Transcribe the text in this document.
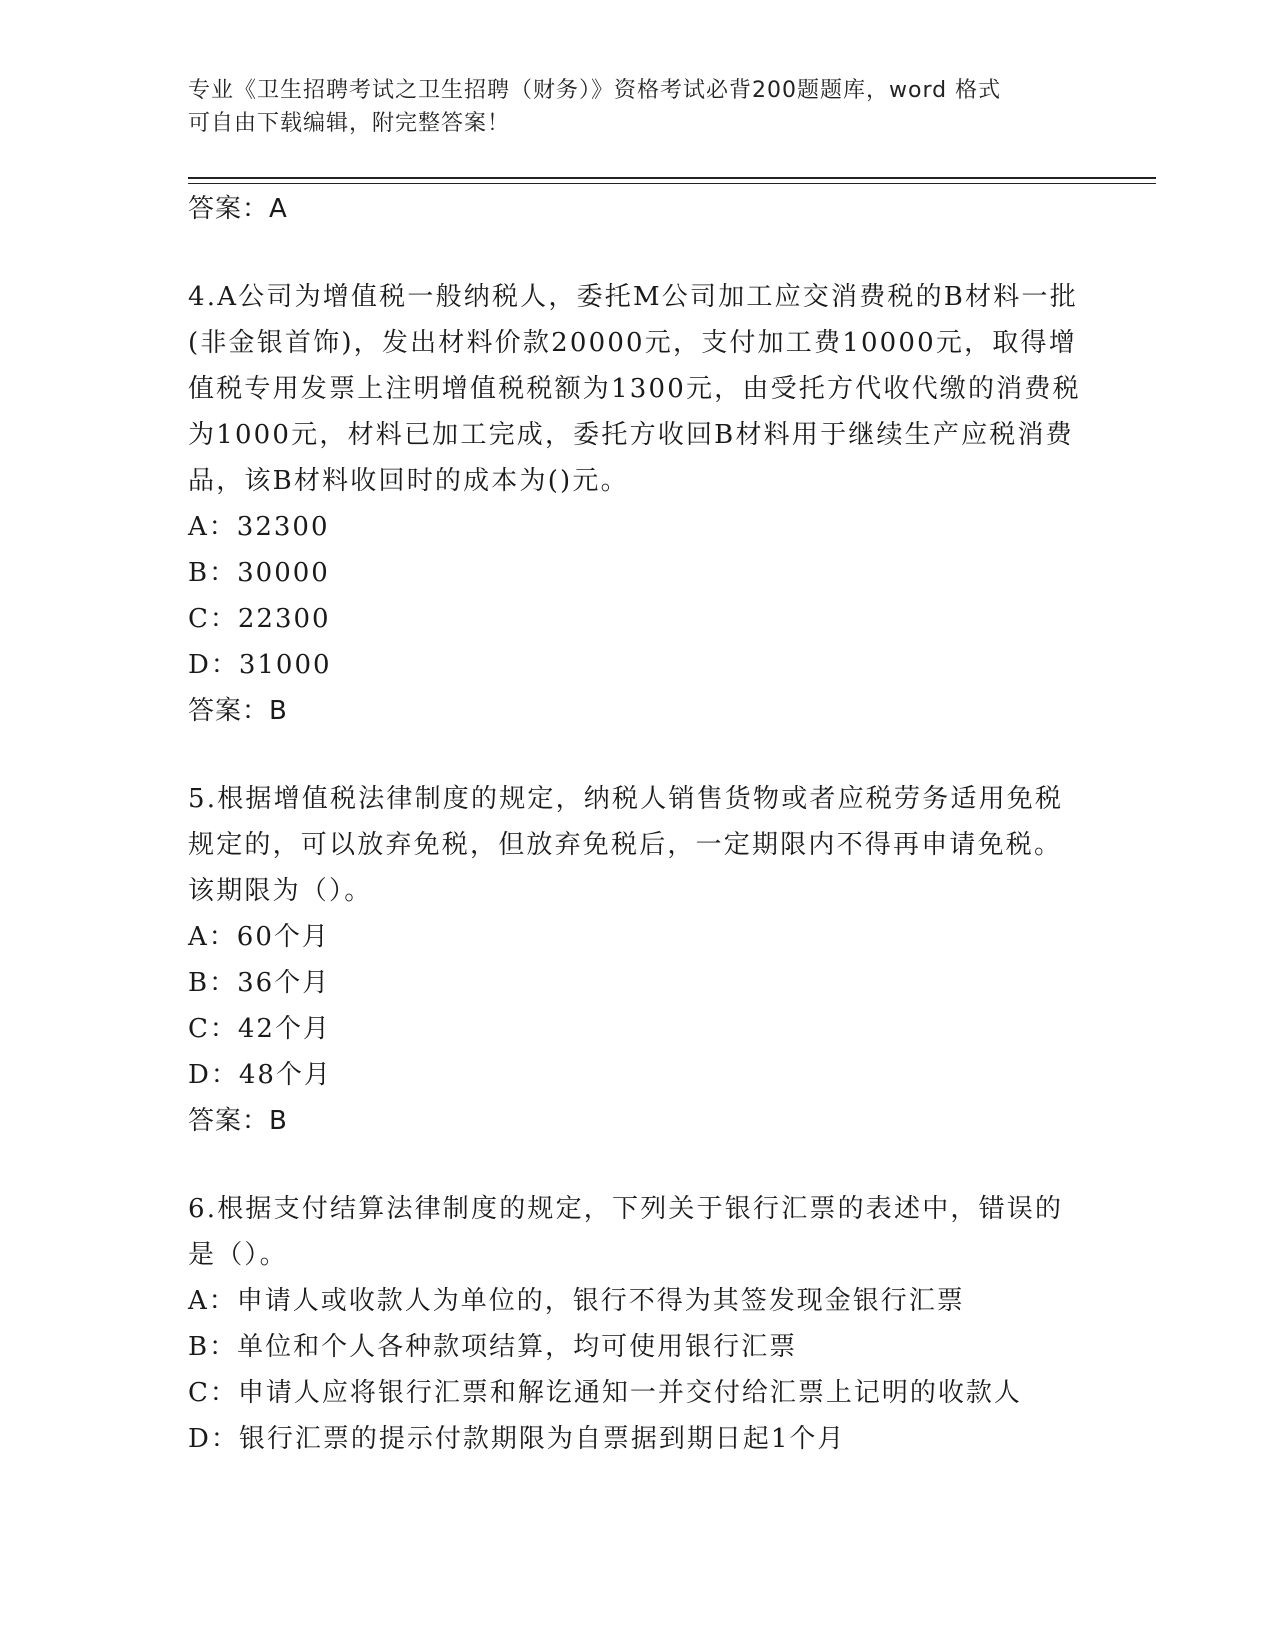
专业《卫生招聘考试之卫生招聘（财务）》资格考试必背200题题库，word 格式
可自由下载编辑，附完整答案！

答案：A

4.A公司为增值税一般纳税人，委托M公司加工应交消费税的B材料一批(非金银首饰)，发出材料价款20000元，支付加工费10000元，取得增值税专用发票上注明增值税税额为1300元，由受托方代收代缴的消费税为1000元，材料已加工完成，委托方收回B材料用于继续生产应税消费品，该B材料收回时的成本为()元。

A：32300

B：30000

C：22300

D：31000

答案：B

5.根据增值税法律制度的规定，纳税人销售货物或者应税劳务适用免税规定的，可以放弃免税，但放弃免税后，一定期限内不得再申请免税。该期限为（）。

A：60个月

B：36个月

C：42个月

D：48个月

答案：B

6.根据支付结算法律制度的规定，下列关于银行汇票的表述中，错误的是（）。

A：申请人或收款人为单位的，银行不得为其签发现金银行汇票

B：单位和个人各种款项结算，均可使用银行汇票

C：申请人应将银行汇票和解讫通知一并交付给汇票上记明的收款人

D：银行汇票的提示付款期限为自票据到期日起1个月
